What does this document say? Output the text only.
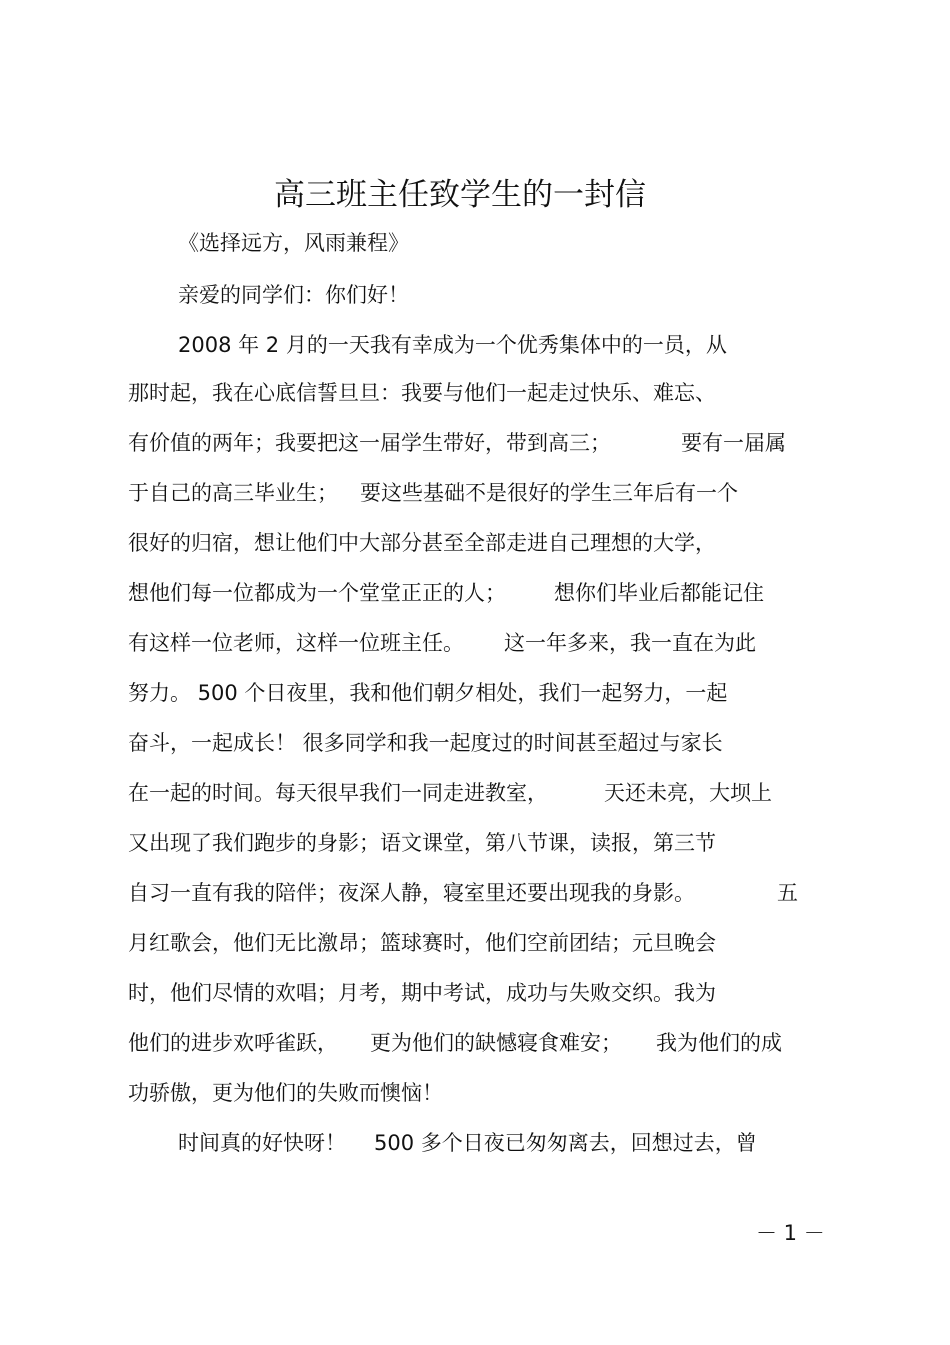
高三班主任致学生的一封信

《选择远方，风雨兼程》

亲爱的同学们：你们好！

2008 年 2 月的一天我有幸成为一个优秀集体中的一员，从

那时起，我在心底信誓旦旦：我要与他们一起走过快乐、难忘、

有价值的两年；我要把这一届学生带好，带到高三；	要有一届属

于自己的高三毕业生； 要这些基础不是很好的学生三年后有一个

很好的归宿，想让他们中大部分甚至全部走进自己理想的大学，

想他们每一位都成为一个堂堂正正的人； 想你们毕业后都能记住

有这样一位老师，这样一位班主任。 这一年多来，我一直在为此

努力。 500 个日夜里，我和他们朝夕相处，我们一起努力，一起

奋斗，一起成长！ 很多同学和我一起度过的时间甚至超过与家长

在一起的时间。每天很早我们一同走进教室，	天还未亮，大坝上

又出现了我们跑步的身影；语文课堂，第八节课，读报，第三节

自习一直有我的陪伴；夜深人静，寝室里还要出现我的身影。	五

月红歌会，他们无比激昂；篮球赛时，他们空前团结；元旦晚会

时，他们尽情的欢唱；月考，期中考试，成功与失败交织。我为

他们的进步欢呼雀跃， 更为他们的缺憾寝食难安； 我为他们的成

功骄傲，更为他们的失败而懊恼！

时间真的好快呀！ 500 多个日夜已匆匆离去，回想过去，曾

－ 1 －
